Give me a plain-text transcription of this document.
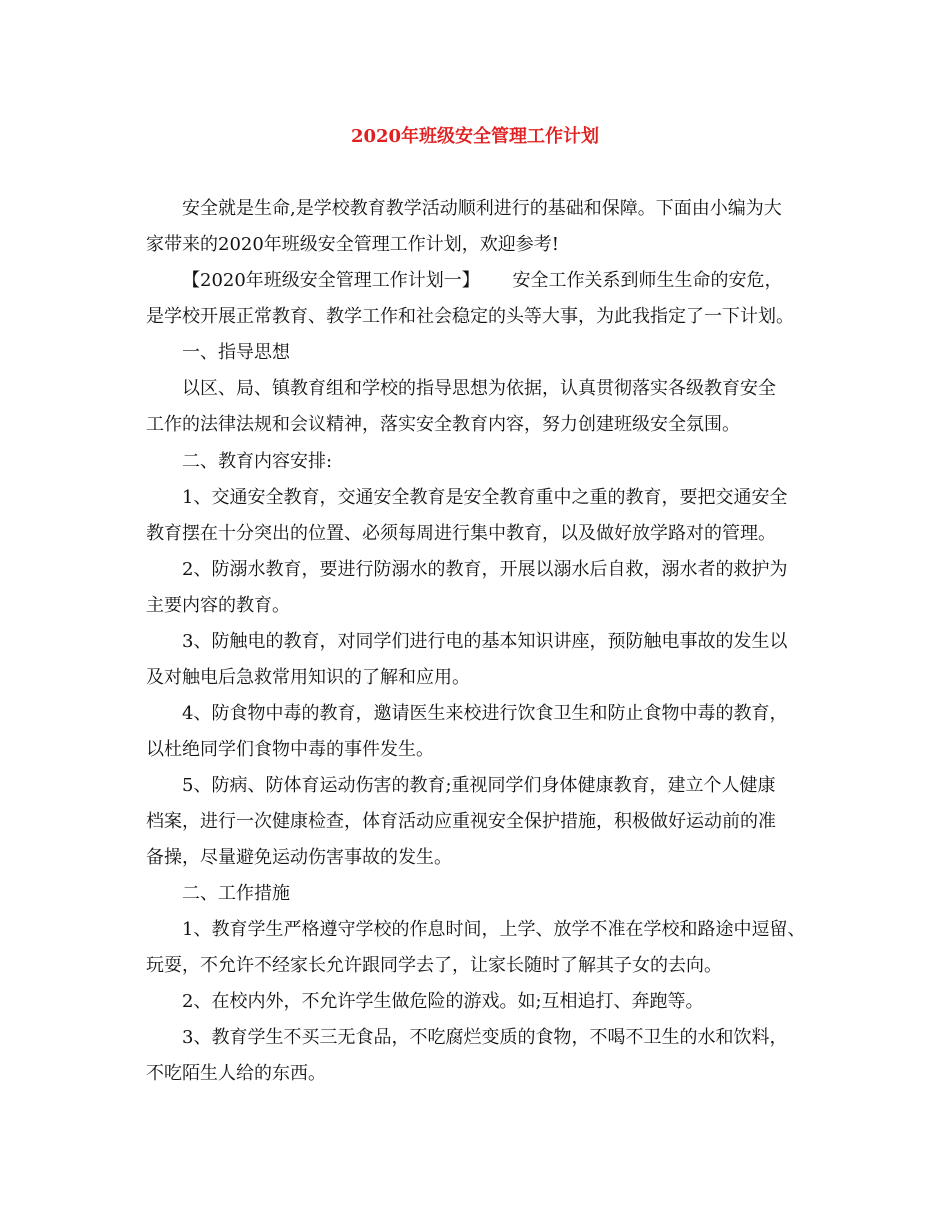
2020年班级安全管理工作计划
安全就是生命,是学校教育教学活动顺利进行的基础和保障。下面由小编为大
家带来的2020年班级安全管理工作计划，欢迎参考!
【2020年班级安全管理工作计划一】　　 安全工作关系到师生生命的安危，
是学校开展正常教育、教学工作和社会稳定的头等大事，为此我指定了一下计划。
一、指导思想
以区、局、镇教育组和学校的指导思想为依据，认真贯彻落实各级教育安全
工作的法律法规和会议精神，落实安全教育内容，努力创建班级安全氛围。
二、教育内容安排:
1、交通安全教育，交通安全教育是安全教育重中之重的教育，要把交通安全
教育摆在十分突出的位置、必须每周进行集中教育，以及做好放学路对的管理。
2、防溺水教育，要进行防溺水的教育，开展以溺水后自救，溺水者的救护为
主要内容的教育。
3、防触电的教育，对同学们进行电的基本知识讲座，预防触电事故的发生以
及对触电后急救常用知识的了解和应用。
4、防食物中毒的教育，邀请医生来校进行饮食卫生和防止食物中毒的教育，
以杜绝同学们食物中毒的事件发生。
5、防病、防体育运动伤害的教育;重视同学们身体健康教育，建立个人健康
档案，进行一次健康检查，体育活动应重视安全保护措施，积极做好运动前的准
备操，尽量避免运动伤害事故的发生。
二、工作措施
1、教育学生严格遵守学校的作息时间，上学、放学不准在学校和路途中逗留、
玩耍，不允许不经家长允许跟同学去了，让家长随时了解其子女的去向。
2、在校内外，不允许学生做危险的游戏。如;互相追打、奔跑等。
3、教育学生不买三无食品，不吃腐烂变质的食物，不喝不卫生的水和饮料，
不吃陌生人给的东西。
